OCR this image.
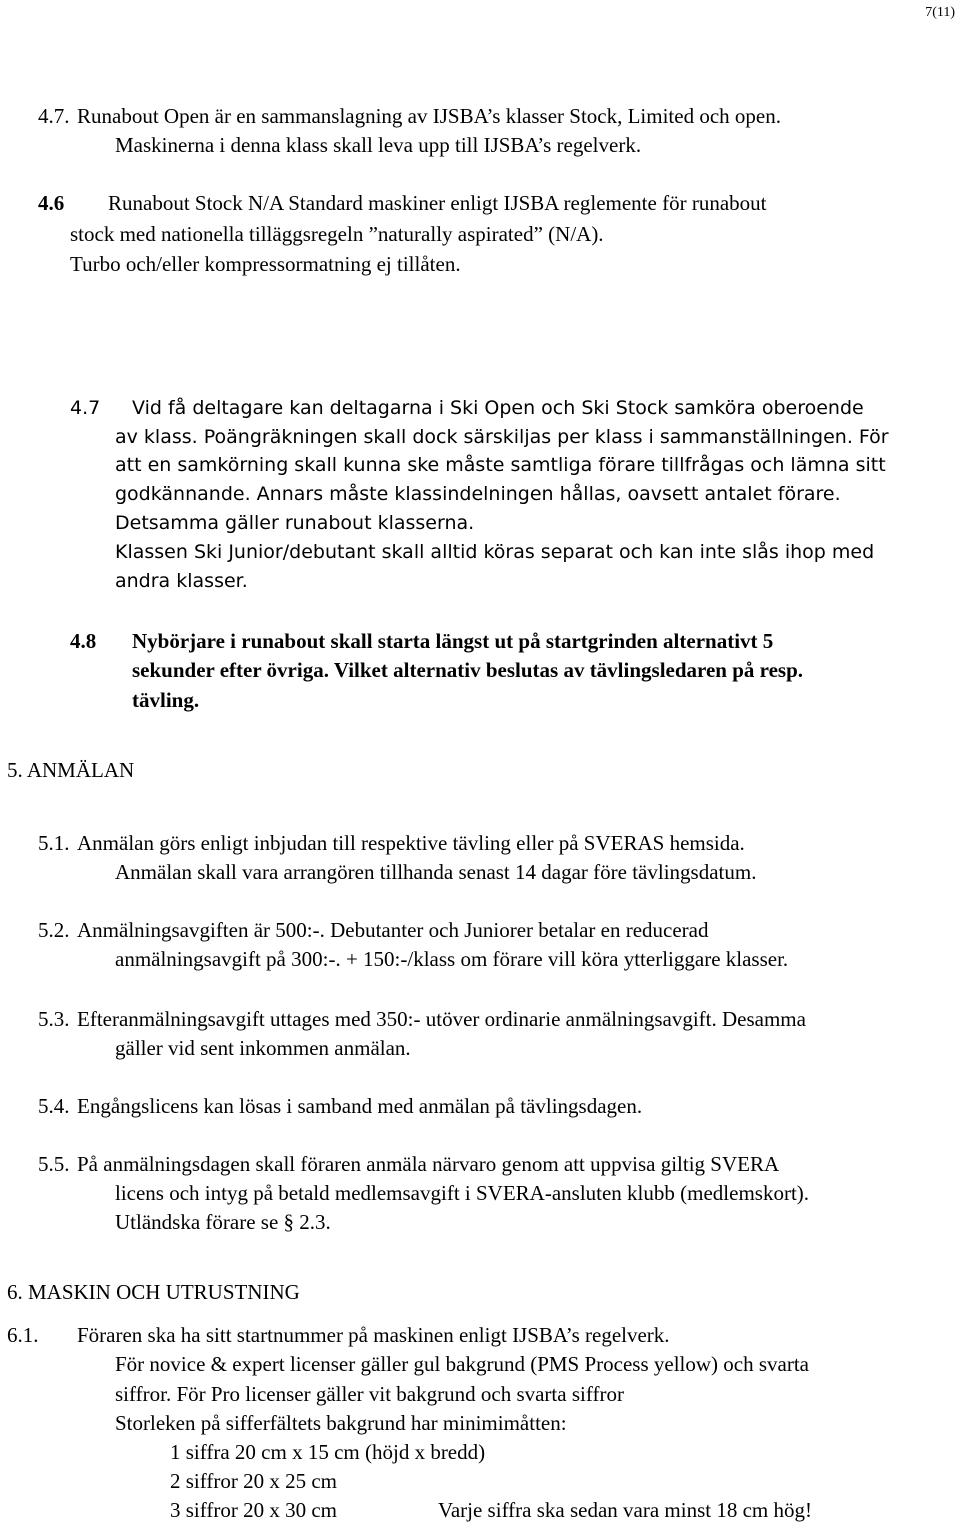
7(11)
4.7. Runabout Open är en sammanslagning av IJSBA’s klasser Stock, Limited och open.
Maskinerna i denna klass skall leva upp till IJSBA’s regelverk.
4.6 Runabout Stock N/A Standard maskiner enligt IJSBA reglemente för runabout
stock med nationella tilläggsregeln ”naturally aspirated” (N/A).
Turbo och/eller kompressormatning ej tillåten.
4.7 Vid få deltagare kan deltagarna i Ski Open och Ski Stock samköra oberoende
av klass. Poängräkningen skall dock särskiljas per klass i sammanställningen. För
att en samkörning skall kunna ske måste samtliga förare tillfrågas och lämna sitt
godkännande. Annars måste klassindelningen hållas, oavsett antalet förare.
Detsamma gäller runabout klasserna.
Klassen Ski Junior/debutant skall alltid köras separat och kan inte slås ihop med
andra klasser.
4.8 Nybörjare i runabout skall starta längst ut på startgrinden alternativt 5
sekunder efter övriga. Vilket alternativ beslutas av tävlingsledaren på resp.
tävling.
5. ANMÄLAN
5.1. Anmälan görs enligt inbjudan till respektive tävling eller på SVERAS hemsida.
Anmälan skall vara arrangören tillhanda senast 14 dagar före tävlingsdatum.
5.2. Anmälningsavgiften är 500:-. Debutanter och Juniorer betalar en reducerad
anmälningsavgift på 300:-. + 150:-/klass om förare vill köra ytterliggare klasser.
5.3. Efteranmälningsavgift uttages med 350:- utöver ordinarie anmälningsavgift. Desamma
gäller vid sent inkommen anmälan.
5.4. Engångslicens kan lösas i samband med anmälan på tävlingsdagen.
5.5. På anmälningsdagen skall föraren anmäla närvaro genom att uppvisa giltig SVERA
licens och intyg på betald medlemsavgift i SVERA-ansluten klubb (medlemskort).
Utländska förare se § 2.3.
6. MASKIN OCH UTRUSTNING
6.1. Föraren ska ha sitt startnummer på maskinen enligt IJSBA’s regelverk.
För novice & expert licenser gäller gul bakgrund (PMS Process yellow) och svarta
siffror. För Pro licenser gäller vit bakgrund och svarta siffror
Storleken på sifferfältets bakgrund har minimimåtten:
1 siffra 20 cm x 15 cm (höjd x bredd)
2 siffror 20 x 25 cm
3 siffror 20 x 30 cm	Varje siffra ska sedan vara minst 18 cm hög!
